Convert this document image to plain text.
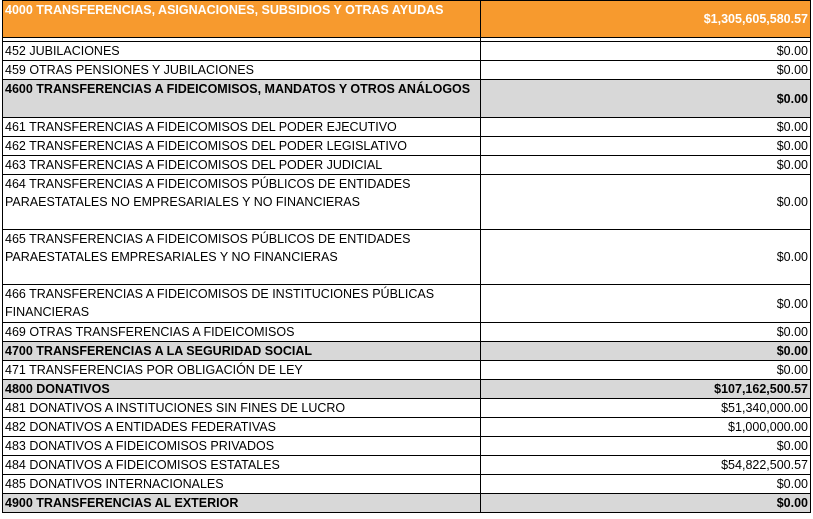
4000 TRANSFERENCIAS, ASIGNACIONES, SUBSIDIOS Y OTRAS AYUDAS	$1,305,605,580.57

452 JUBILACIONES	$0.00
459 OTRAS PENSIONES Y JUBILACIONES	$0.00
4600 TRANSFERENCIAS A FIDEICOMISOS, MANDATOS Y OTROS ANÁLOGOS	$0.00
461 TRANSFERENCIAS A FIDEICOMISOS DEL PODER EJECUTIVO	$0.00
462 TRANSFERENCIAS A FIDEICOMISOS DEL PODER LEGISLATIVO	$0.00
463 TRANSFERENCIAS A FIDEICOMISOS DEL PODER JUDICIAL	$0.00
464 TRANSFERENCIAS A FIDEICOMISOS PÚBLICOS DE ENTIDADES PARAESTATALES NO EMPRESARIALES Y NO FINANCIERAS	$0.00
465 TRANSFERENCIAS A FIDEICOMISOS PÚBLICOS DE ENTIDADES PARAESTATALES EMPRESARIALES Y NO FINANCIERAS	$0.00
466 TRANSFERENCIAS A FIDEICOMISOS DE INSTITUCIONES PÚBLICAS FINANCIERAS	$0.00
469 OTRAS TRANSFERENCIAS A FIDEICOMISOS	$0.00
4700 TRANSFERENCIAS A LA SEGURIDAD SOCIAL	$0.00
471 TRANSFERENCIAS POR OBLIGACIÓN DE LEY	$0.00
4800 DONATIVOS	$107,162,500.57
481 DONATIVOS A INSTITUCIONES SIN FINES DE LUCRO	$51,340,000.00
482 DONATIVOS A ENTIDADES FEDERATIVAS	$1,000,000.00
483 DONATIVOS A FIDEICOMISOS PRIVADOS	$0.00
484 DONATIVOS A FIDEICOMISOS ESTATALES	$54,822,500.57
485 DONATIVOS INTERNACIONALES	$0.00
4900 TRANSFERENCIAS AL EXTERIOR	$0.00
